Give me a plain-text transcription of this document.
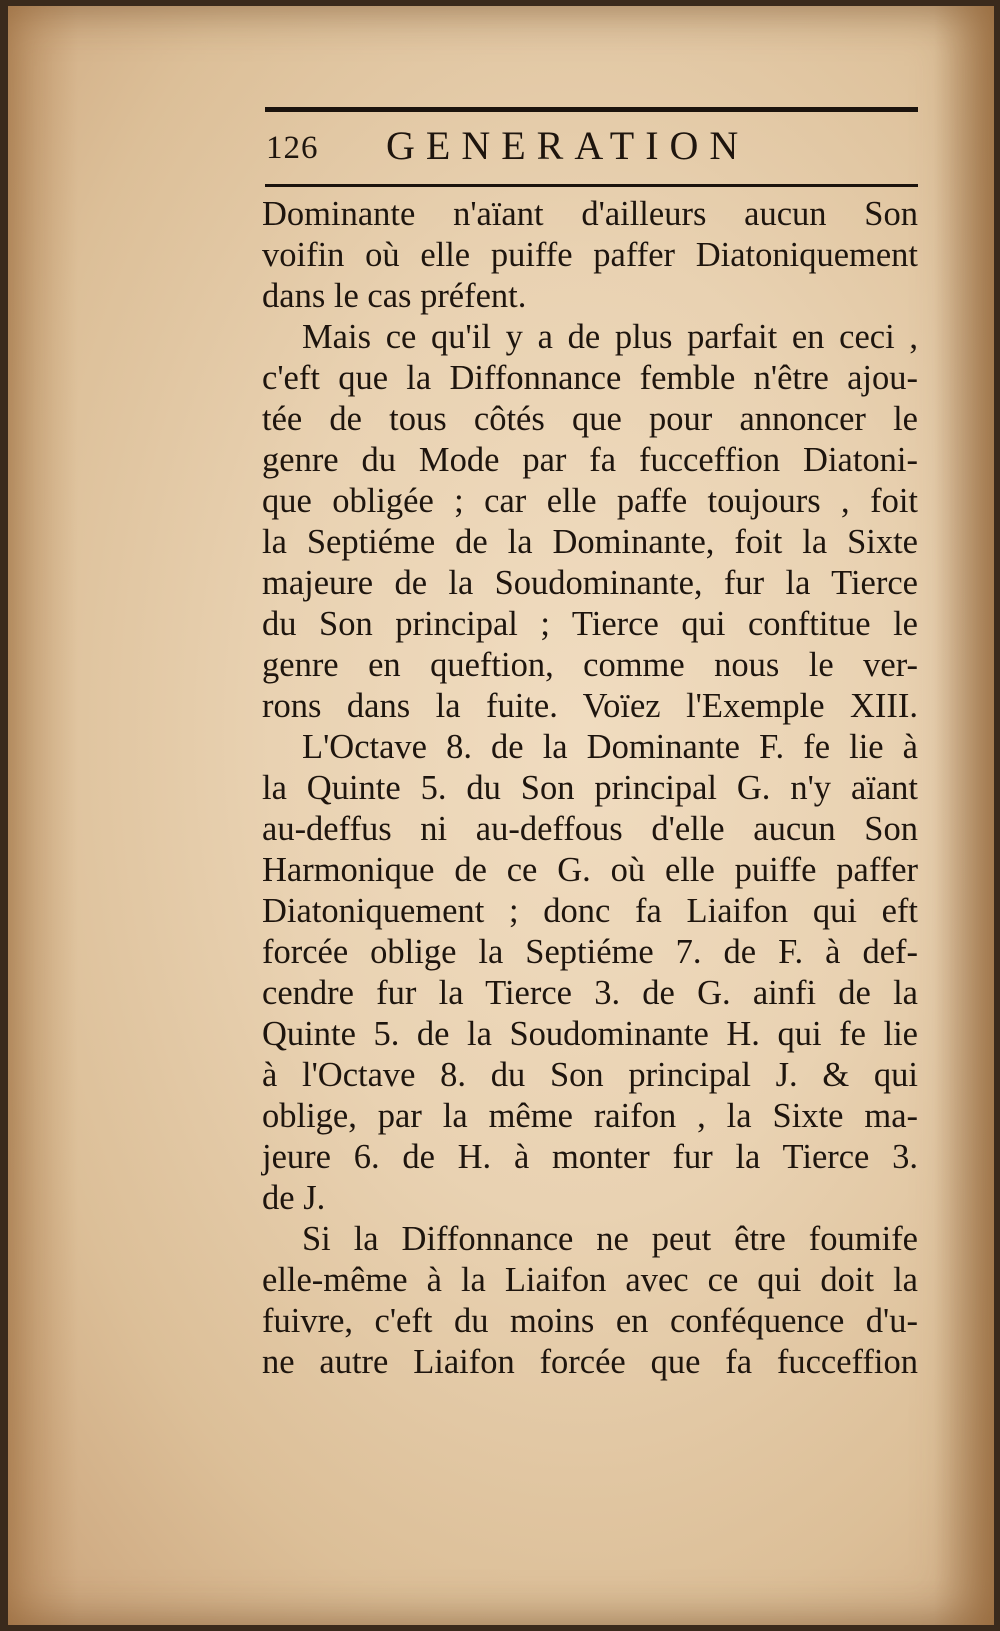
126 GENERATION
Dominante n'aïant d'ailleurs aucun Son
voifin où elle puiffe paffer Diatoniquement
dans le cas préfent.
Mais ce qu'il y a de plus parfait en ceci ,
c'eft que la Diffonnance femble n'être ajou-
tée de tous côtés que pour annoncer le
genre du Mode par fa fucceffion Diatoni-
que obligée ; car elle paffe toujours , foit
la Septiéme de la Dominante, foit la Sixte
majeure de la Soudominante, fur la Tierce
du Son principal ; Tierce qui conftitue le
genre en queftion, comme nous le ver-
rons dans la fuite. Voïez l'Exemple XIII.
L'Octave 8. de la Dominante F. fe lie à
la Quinte 5. du Son principal G. n'y aïant
au-deffus ni au-deffous d'elle aucun Son
Harmonique de ce G. où elle puiffe paffer
Diatoniquement ; donc fa Liaifon qui eft
forcée oblige la Septiéme 7. de F. à def-
cendre fur la Tierce 3. de G. ainfi de la
Quinte 5. de la Soudominante H. qui fe lie
à l'Octave 8. du Son principal J. & qui
oblige, par la même raifon , la Sixte ma-
jeure 6. de H. à monter fur la Tierce 3.
de J.
Si la Diffonnance ne peut être foumife
elle-même à la Liaifon avec ce qui doit la
fuivre, c'eft du moins en conféquence d'u-
ne autre Liaifon forcée que fa fucceffion
